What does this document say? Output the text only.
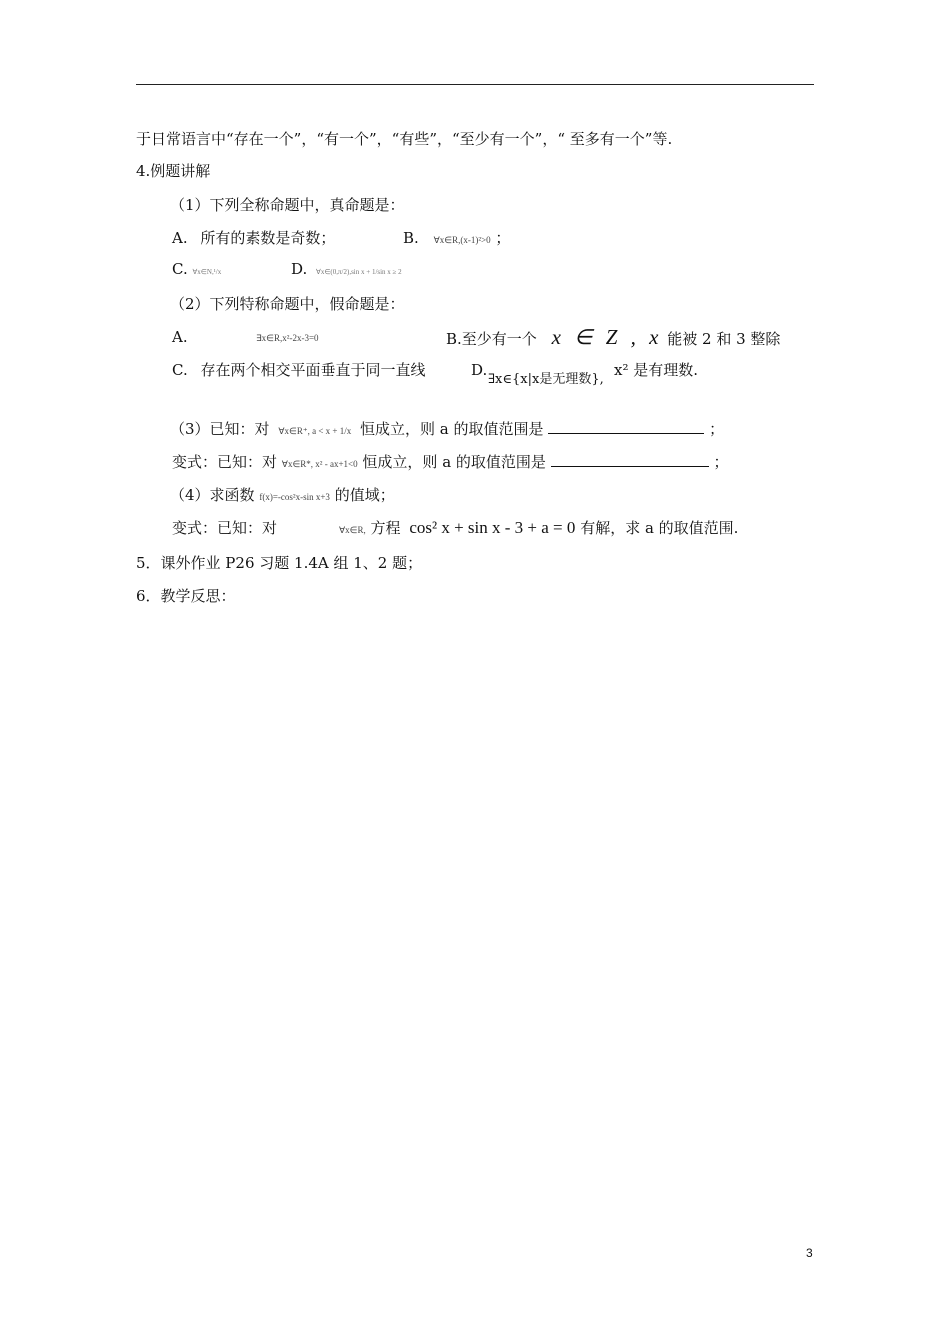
于日常语言中“存在一个”，“有一个”，“有些”，“至少有一个”，“ 至多有一个”等.
4.例题讲解
（1）下列全称命题中，真命题是：
A. 所有的素数是奇数；	B. ∀x∈R,(x-1)²>0 ；
C. ∀x∈N,¹/x	D. ∀x∈(0,π/2),sin x + 1/sin x ≥ 2
（2）下列特称命题中，假命题是：
A.	∃x∈R,x²-2x-3=0	B.至少有一个 x ∈ Z , x 能被 2 和 3 整除
C. 存在两个相交平面垂直于同一直线	D.
∃x∈{x|x是无理数},
x² 是有理数.
（3）已知：对 ∀x∈R⁺, a < x + 1/x 恒成立，则 a 的取值范围是	；
变式：已知：对 ∀x∈R*, x² - ax+1<0 恒成立，则 a 的取值范围是	；
（4）求函数 f(x)=-cos²x-sin x+3 的值域；
变式：已知：对	∀x∈R, 方程 cos² x + sin x - 3 + a = 0 有解，求 a 的取值范围.
5．课外作业 P26 习题 1.4A 组 1、2 题；
6．教学反思：
3
